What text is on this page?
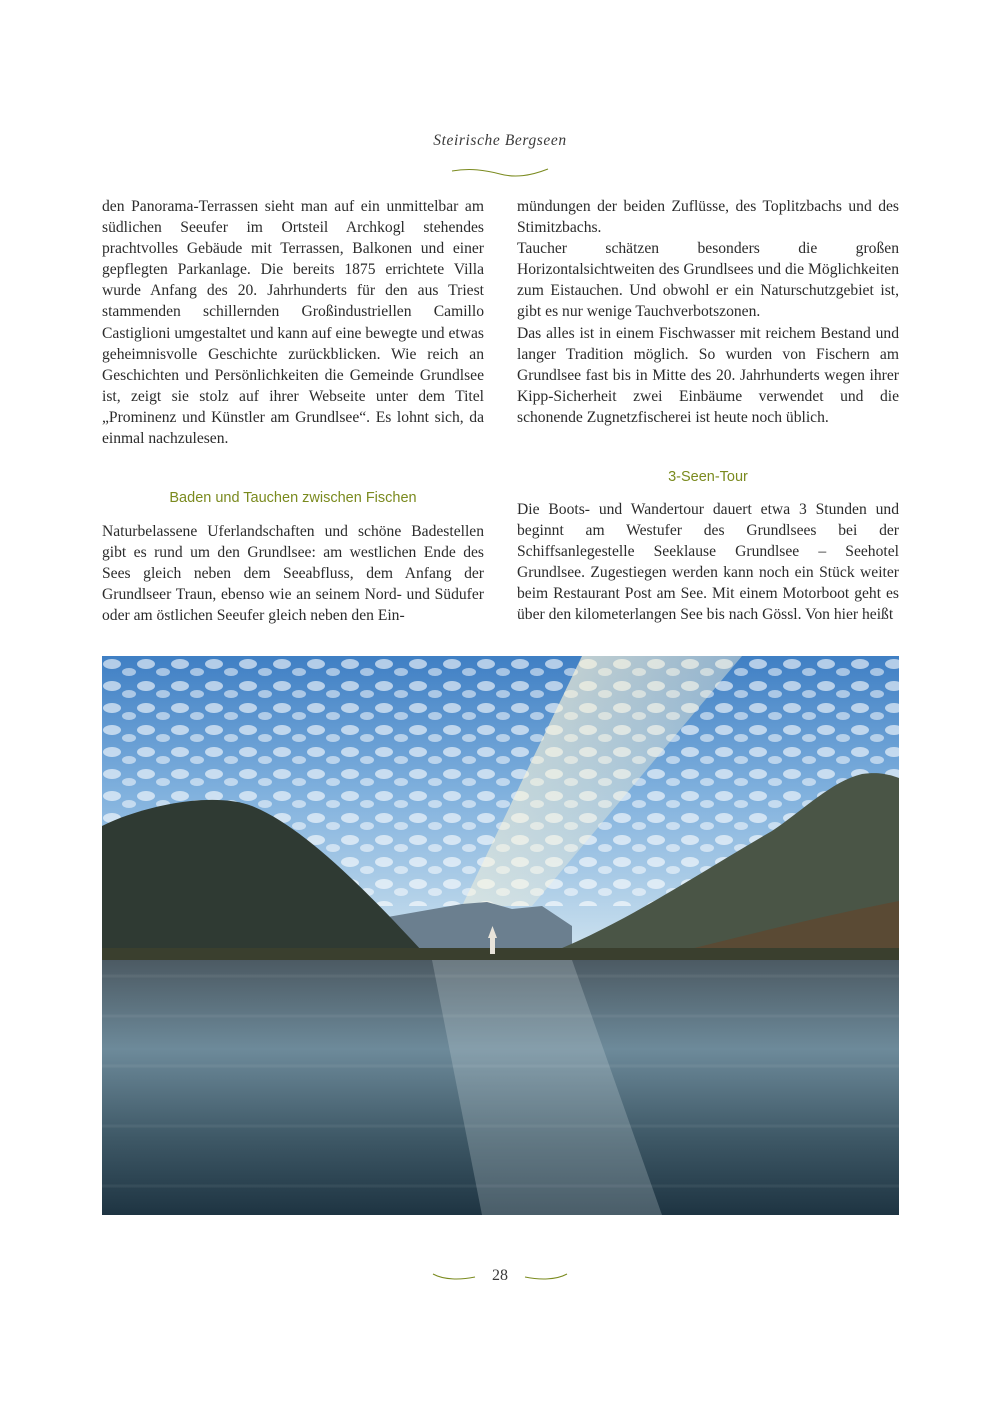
Steirische Bergseen

den Panorama-Terrassen sieht man auf ein unmittelbar am südlichen Seeufer im Ortsteil Archkogl stehendes prachtvolles Gebäude mit Terrassen, Balkonen und einer gepflegten Parkanlage. Die bereits 1875 errichtete Villa wurde Anfang des 20. Jahrhunderts für den aus Triest stammenden schillernden Großindustriellen Camillo Castiglioni umgestaltet und kann auf eine bewegte und etwas geheimnisvolle Geschichte zurückblicken. Wie reich an Geschichten und Persönlichkeiten die Gemeinde Grundlsee ist, zeigt sie stolz auf ihrer Webseite unter dem Titel „Prominenz und Künstler am Grundlsee“. Es lohnt sich, da einmal nachzulesen.

Baden und Tauchen zwischen Fischen

Naturbelassene Uferlandschaften und schöne Badestellen gibt es rund um den Grundlsee: am westlichen Ende des Sees gleich neben dem Seeabfluss, dem Anfang der Grundlseer Traun, ebenso wie an seinem Nord- und Südufer oder am östlichen Seeufer gleich neben den Ein-

mündungen der beiden Zuflüsse, des Toplitzbachs und des Stimitzbachs.

Taucher schätzen besonders die großen Horizontalsichtweiten des Grundlsees und die Möglichkeiten zum Eistauchen. Und obwohl er ein Naturschutzgebiet ist, gibt es nur wenige Tauchverbotszonen.

Das alles ist in einem Fischwasser mit reichem Bestand und langer Tradition möglich. So wurden von Fischern am Grundlsee fast bis in Mitte des 20. Jahrhunderts wegen ihrer Kipp-Sicherheit zwei Einbäume verwendet und die schonende Zugnetzfischerei ist heute noch üblich.

3-Seen-Tour

Die Boots- und Wandertour dauert etwa 3 Stunden und beginnt am Westufer des Grundlsees bei der Schiffsanlegestelle Seeklause Grundlsee – Seehotel Grundlsee. Zugestiegen werden kann noch ein Stück weiter beim Restaurant Post am See. Mit einem Motorboot geht es über den kilometerlangen See bis nach Gössl. Von hier heißt

28
